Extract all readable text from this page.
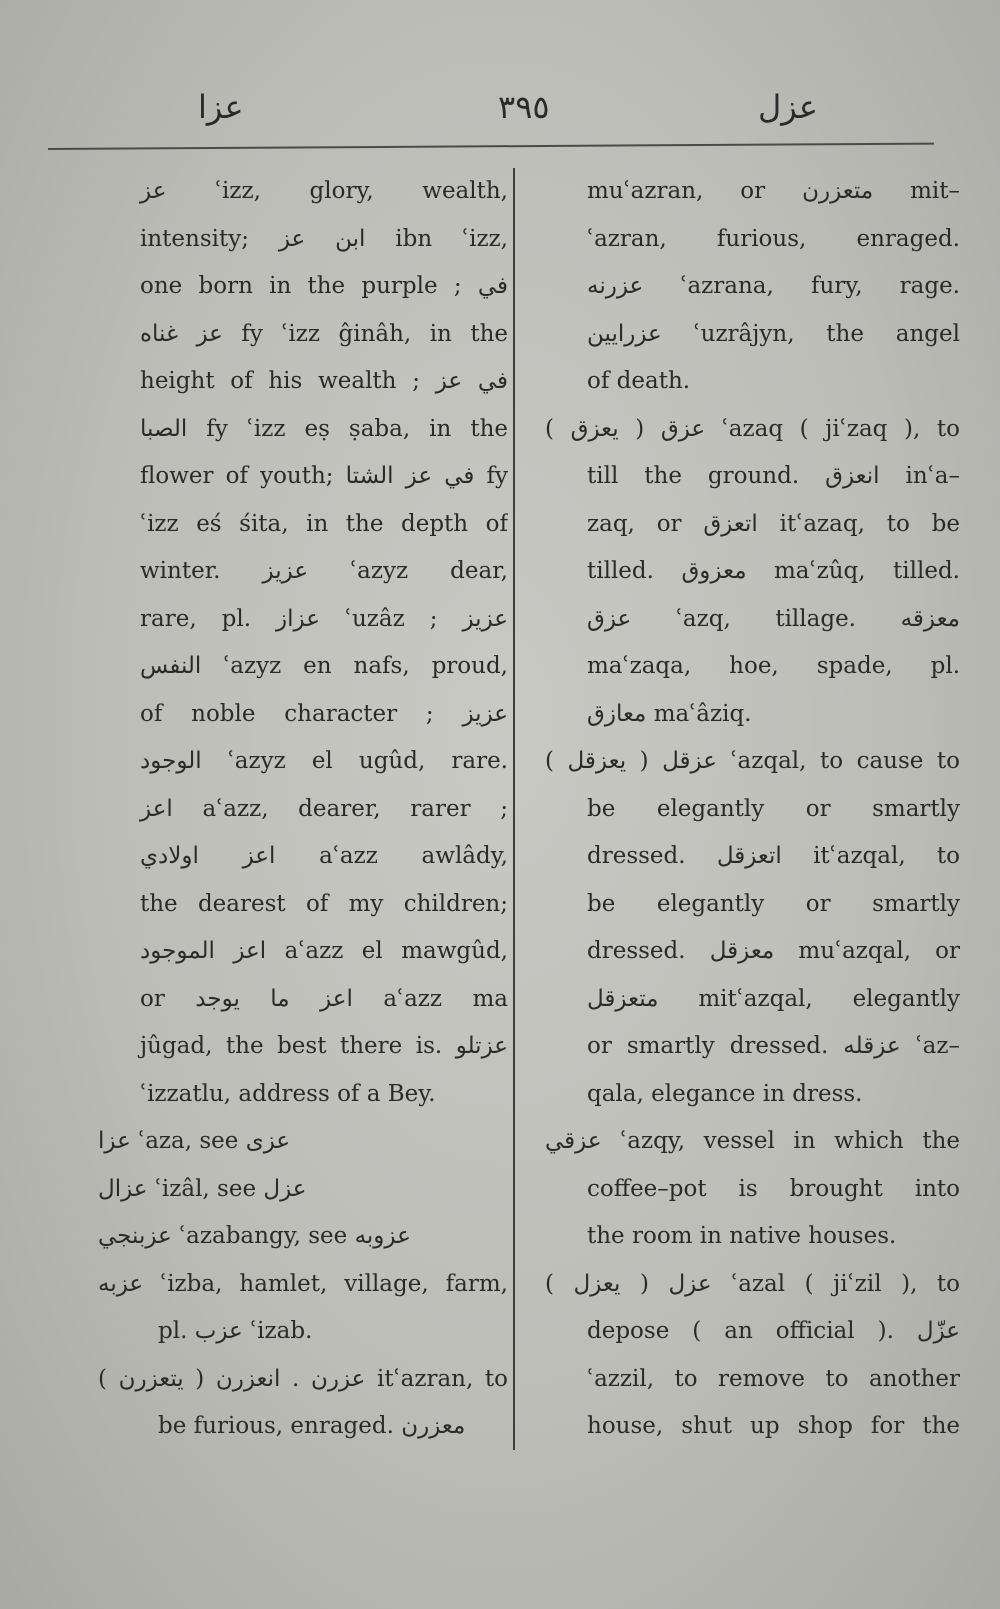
عزا	٣٩٥	عزل
عز ʿizz, glory, wealth,
intensity; ابن عز ibn ʿizz,
one born in the purple ; في
عز غناه fy ʿizz ĝinâh, in the
height of his wealth ; في عز
الصبا fy ʿizz eṣ ṣaba, in the
flower of youth; في عز الشتا fy
ʿizz eś śita, in the depth of
winter. عزيز ʿazyz dear,
rare, pl. عزاز ʿuzâz ; عزيز
النفس ʿazyz en nafs, proud,
of noble character ; عزيز
الوجود ʿazyz el ugûd, rare.
اعز aʿazz, dearer, rarer ;
اعز اولادي aʿazz awlâdy,
the dearest of my children;
اعز الموجود aʿazz el mawgûd,
or اعز ما يوجد aʿazz ma
jûgad, the best there is. عزتلو
ʿizzatlu, address of a Bey.
عزا ʿaza, see عزى
عزال ʿizâl, see عزل
عزبنجي ʿazabangy, see عزوبه
عزبه ʿizba, hamlet, village, farm,
pl. عزب ʿizab.
عزرن . انعزرن ( يتعزرن ) itʿazran, to
be furious, enraged. معزرن
muʿazran, or متعزرن mit–
ʿazran, furious, enraged.
عزرنه ʿazrana, fury, rage.
عزرايين ʿuzrâjyn, the angel
of death.
عزق ( يعزق ) ʿazaq ( jiʿzaq ), to
till the ground. انعزق inʿa–
zaq, or اتعزق itʿazaq, to be
tilled. معزوق maʿzûq, tilled.
عزق ʿazq, tillage. معزقه
maʿzaqa, hoe, spade, pl.
معازق maʿâziq.
عزقل ( يعزقل ) ʿazqal, to cause to
be elegantly or smartly
dressed. اتعزقل itʿazqal, to
be elegantly or smartly
dressed. معزقل muʿazqal, or
متعزقل mitʿazqal, elegantly
or smartly dressed. عزقله ʿaz–
qala, elegance in dress.
عزقي ʿazqy, vessel in which the
coffee–pot is brought into
the room in native houses.
عزل ( يعزل ) ʿazal ( jiʿzil ), to
depose ( an official ). عزّل
ʿazzil, to remove to another
house, shut up shop for the
